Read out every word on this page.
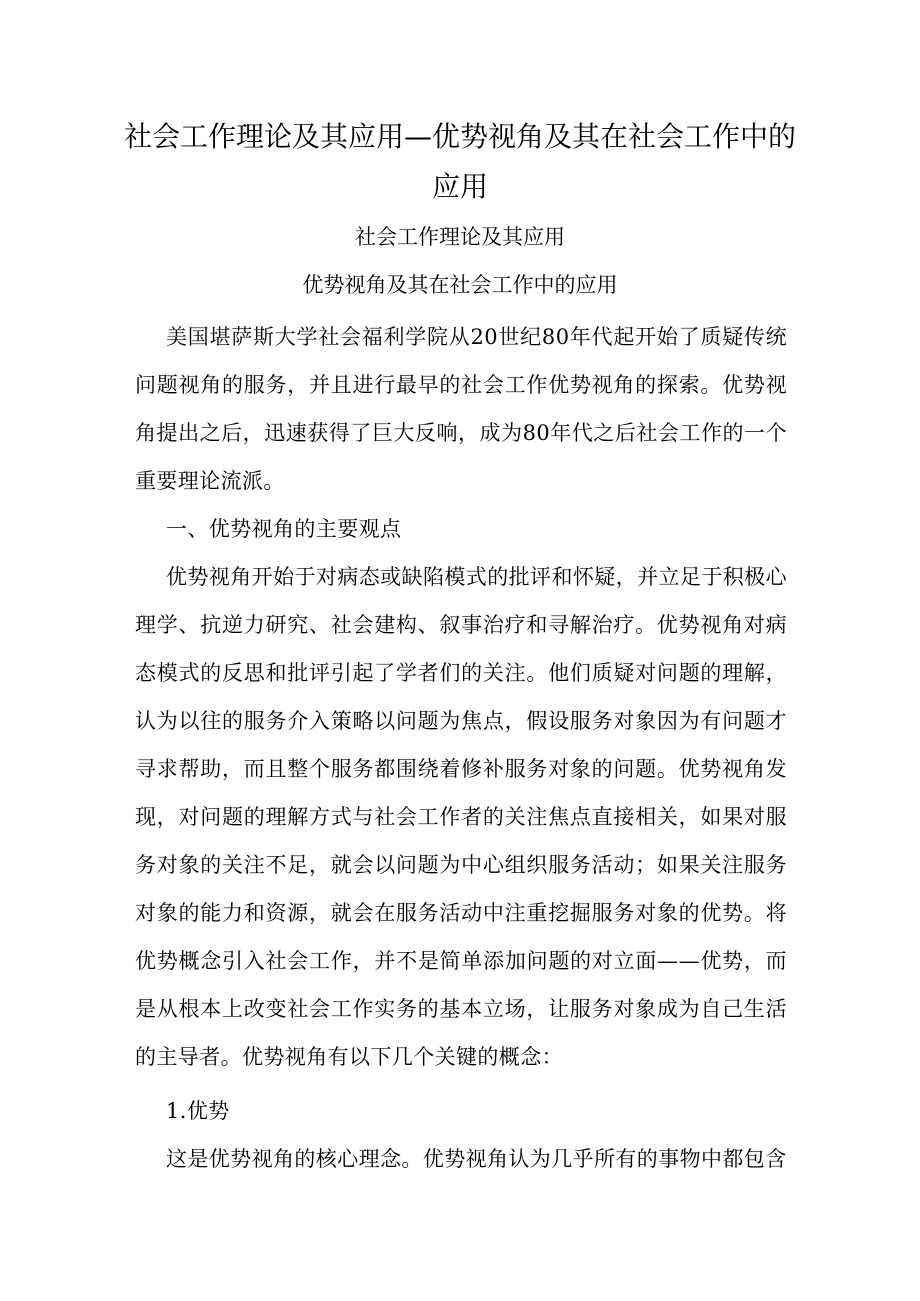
社会工作理论及其应用—优势视角及其在社会工作中的应用

社会工作理论及其应用

优势视角及其在社会工作中的应用

美国堪萨斯大学社会福利学院从20世纪80年代起开始了质疑传统问题视角的服务，并且进行最早的社会工作优势视角的探索。优势视角提出之后，迅速获得了巨大反响，成为80年代之后社会工作的一个重要理论流派。

一、优势视角的主要观点

优势视角开始于对病态或缺陷模式的批评和怀疑，并立足于积极心理学、抗逆力研究、社会建构、叙事治疗和寻解治疗。优势视角对病态模式的反思和批评引起了学者们的关注。他们质疑对问题的理解，认为以往的服务介入策略以问题为焦点，假设服务对象因为有问题才寻求帮助，而且整个服务都围绕着修补服务对象的问题。优势视角发现，对问题的理解方式与社会工作者的关注焦点直接相关，如果对服务对象的关注不足，就会以问题为中心组织服务活动；如果关注服务对象的能力和资源，就会在服务活动中注重挖掘服务对象的优势。将优势概念引入社会工作，并不是简单添加问题的对立面——优势，而是从根本上改变社会工作实务的基本立场，让服务对象成为自己生活的主导者。优势视角有以下几个关键的概念：

1.优势

这是优势视角的核心理念。优势视角认为几乎所有的事物中都包含
